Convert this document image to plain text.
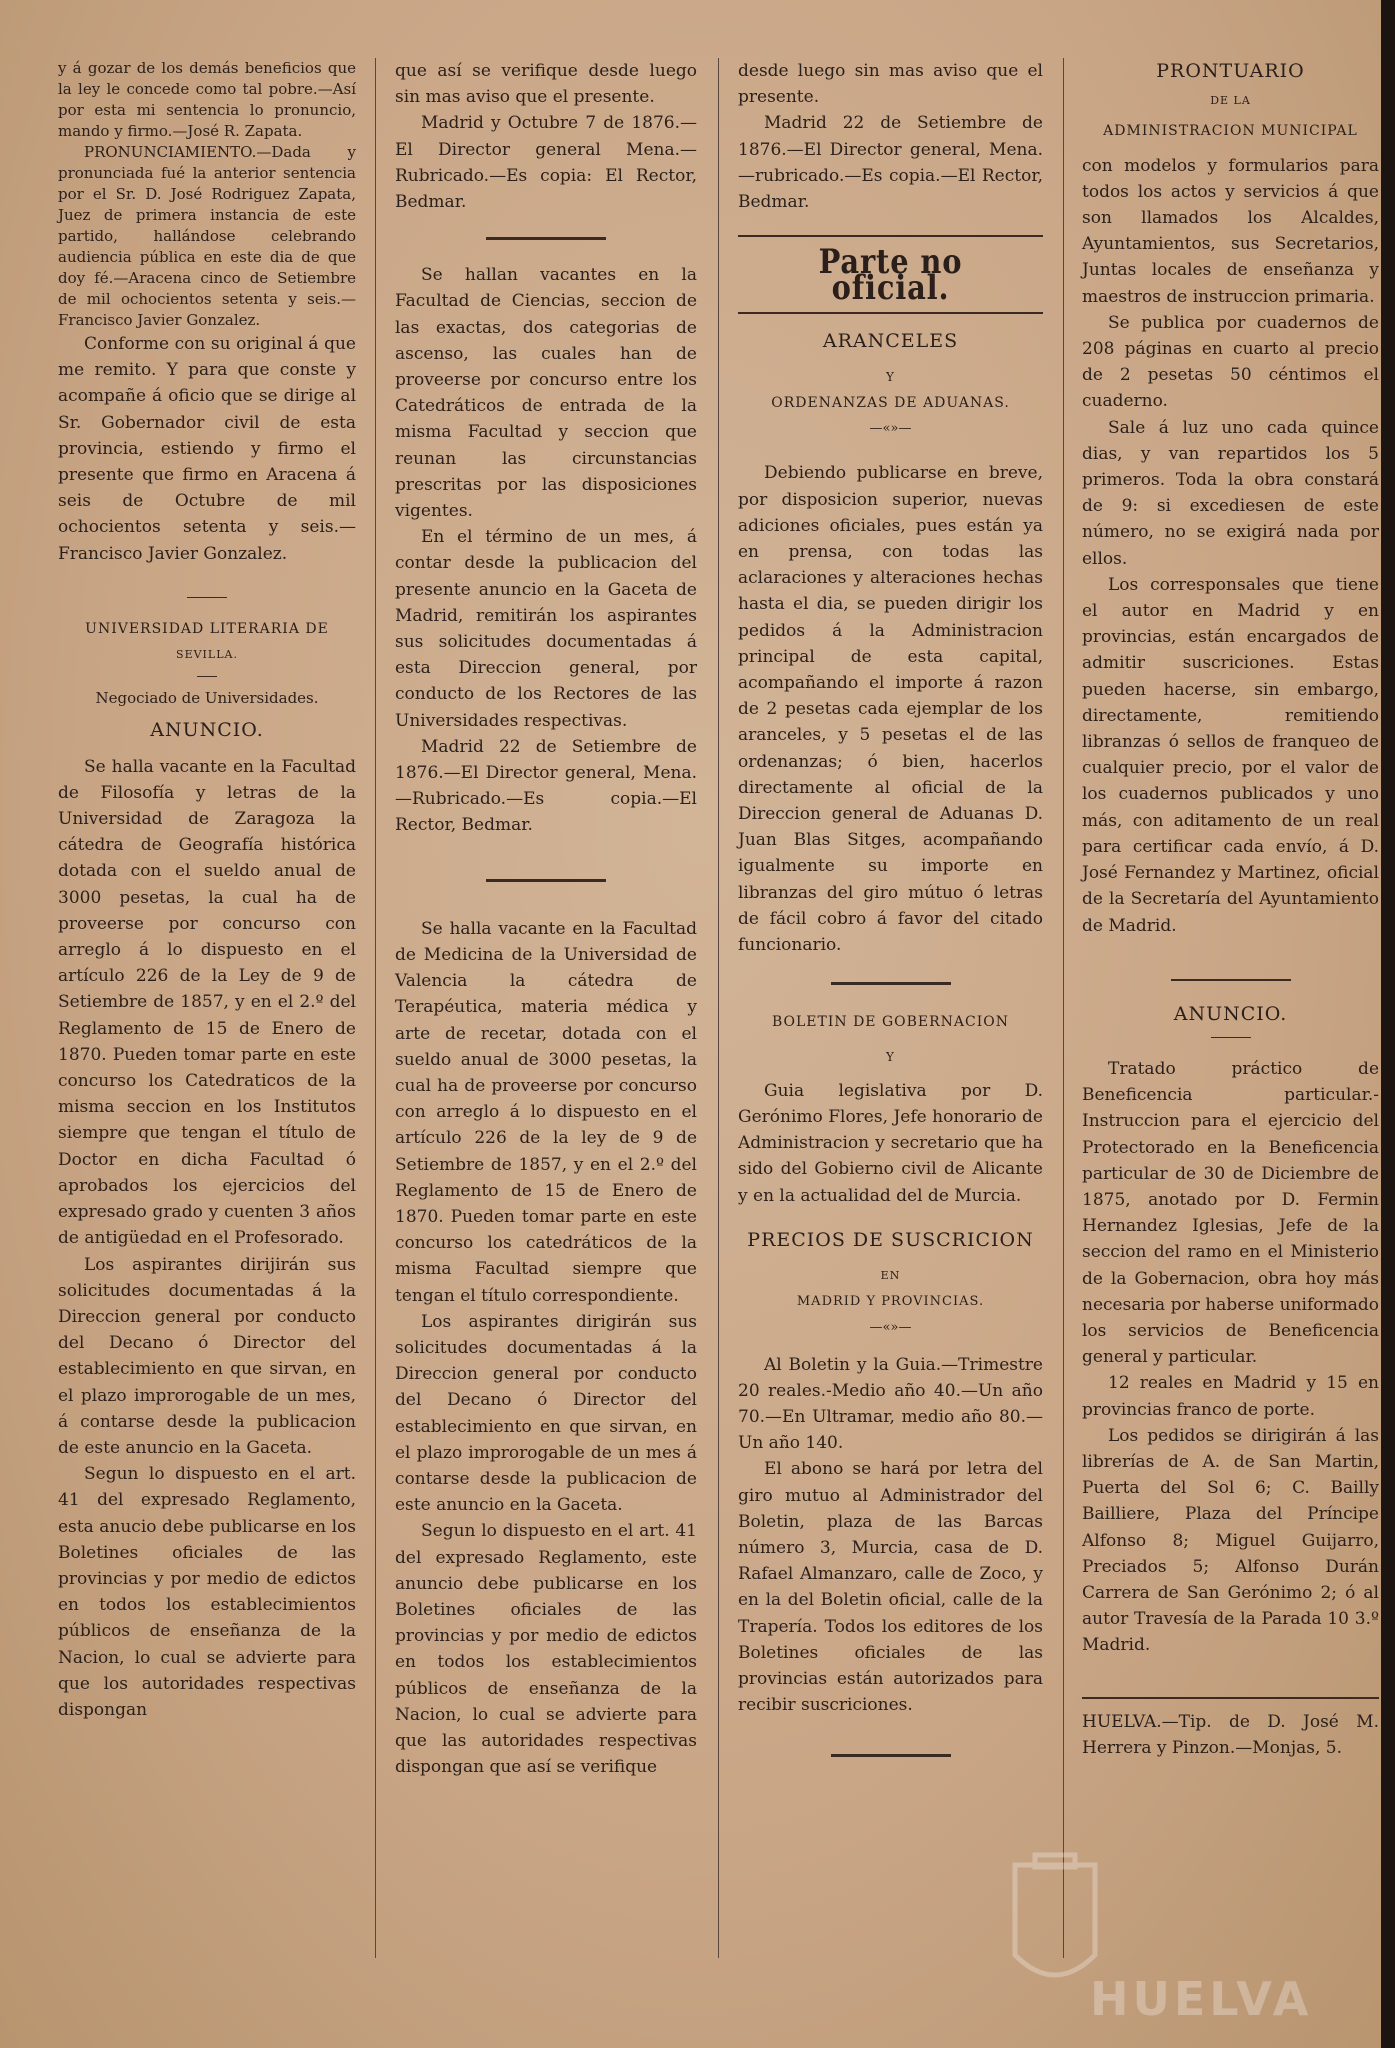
y á gozar de los demás beneficios que la ley le concede como tal pobre.—Así por esta mi sentencia lo pronuncio, mando y firmo.—José R. Zapata.

PRONUNCIAMIENTO.—Dada y pronunciada fué la anterior sentencia por el Sr. D. José Rodriguez Zapata, Juez de primera instancia de este partido, hallándose celebrando audiencia pública en este dia de que doy fé.—Aracena cinco de Setiembre de mil ochocientos setenta y seis.—Francisco Javier Gonzalez.

Conforme con su original á que me remito. Y para que conste y acompañe á oficio que se dirige al Sr. Gobernador civil de esta provincia, estiendo y firmo el presente que firmo en Aracena á seis de Octubre de mil ochocientos setenta y seis.—Francisco Javier Gonzalez.

UNIVERSIDAD LITERARIA DE
SEVILLA.
Negociado de Universidades.
ANUNCIO.

Se halla vacante en la Facultad de Filosofía y letras de la Universidad de Zaragoza la cátedra de Geografía histórica dotada con el sueldo anual de 3000 pesetas, la cual ha de proveerse por concurso con arreglo á lo dispuesto en el artículo 226 de la Ley de 9 de Setiembre de 1857, y en el 2.º del Reglamento de 15 de Enero de 1870. Pueden tomar parte en este concurso los Catedraticos de la misma seccion en los Institutos siempre que tengan el título de Doctor en dicha Facultad ó aprobados los ejercicios del expresado grado y cuenten 3 años de antigüedad en el Profesorado.

Los aspirantes dirijirán sus solicitudes documentadas á la Direccion general por conducto del Decano ó Director del establecimiento en que sirvan, en el plazo improrogable de un mes, á contarse desde la publicacion de este anuncio en la Gaceta.

Segun lo dispuesto en el art. 41 del expresado Reglamento, esta anucio debe publicarse en los Boletines oficiales de las provincias y por medio de edictos en todos los establecimientos públicos de enseñanza de la Nacion, lo cual se advierte para que los autoridades respectivas dispongan

que así se verifique desde luego sin mas aviso que el presente.

Madrid y Octubre 7 de 1876.—El Director general Mena.—Rubricado.—Es copia: El Rector, Bedmar.

Se hallan vacantes en la Facultad de Ciencias, seccion de las exactas, dos categorias de ascenso, las cuales han de proveerse por concurso entre los Catedráticos de entrada de la misma Facultad y seccion que reunan las circunstancias prescritas por las disposiciones vigentes.

En el término de un mes, á contar desde la publicacion del presente anuncio en la Gaceta de Madrid, remitirán los aspirantes sus solicitudes documentadas á esta Direccion general, por conducto de los Rectores de las Universidades respectivas.

Madrid 22 de Setiembre de 1876.—El Director general, Mena.—Rubricado.—Es copia.—El Rector, Bedmar.

Se halla vacante en la Facultad de Medicina de la Universidad de Valencia la cátedra de Terapéutica, materia médica y arte de recetar, dotada con el sueldo anual de 3000 pesetas, la cual ha de proveerse por concurso con arreglo á lo dispuesto en el artículo 226 de la ley de 9 de Setiembre de 1857, y en el 2.º del Reglamento de 15 de Enero de 1870. Pueden tomar parte en este concurso los catedráticos de la misma Facultad siempre que tengan el título correspondiente.

Los aspirantes dirigirán sus solicitudes documentadas á la Direccion general por conducto del Decano ó Director del establecimiento en que sirvan, en el plazo improrogable de un mes á contarse desde la publicacion de este anuncio en la Gaceta.

Segun lo dispuesto en el art. 41 del expresado Reglamento, este anuncio debe publicarse en los Boletines oficiales de las provincias y por medio de edictos en todos los establecimientos públicos de enseñanza de la Nacion, lo cual se advierte para que las autoridades respectivas dispongan que así se verifique

desde luego sin mas aviso que el presente.

Madrid 22 de Setiembre de 1876.—El Director general, Mena.—rubricado.—Es copia.—El Rector, Bedmar.

Parte no oficial.
ARANCELES
Y
ORDENANZAS DE ADUANAS.
—«»—

Debiendo publicarse en breve, por disposicion superior, nuevas adiciones oficiales, pues están ya en prensa, con todas las aclaraciones y alteraciones hechas hasta el dia, se pueden dirigir los pedidos á la Administracion principal de esta capital, acompañando el importe á razon de 2 pesetas cada ejemplar de los aranceles, y 5 pesetas el de las ordenanzas; ó bien, hacerlos directamente al oficial de la Direccion general de Aduanas D. Juan Blas Sitges, acompañando igualmente su importe en libranzas del giro mútuo ó letras de fácil cobro á favor del citado funcionario.

BOLETIN DE GOBERNACION
Y

Guia legislativa por D. Gerónimo Flores, Jefe honorario de Administracion y secretario que ha sido del Gobierno civil de Alicante y en la actualidad del de Murcia.

PRECIOS DE SUSCRICION
EN
MADRID Y PROVINCIAS.
—«»—

Al Boletin y la Guia.—Trimestre 20 reales.-Medio año 40.—Un año 70.—En Ultramar, medio año 80.—Un año 140.

El abono se hará por letra del giro mutuo al Administrador del Boletin, plaza de las Barcas número 3, Murcia, casa de D. Rafael Almanzaro, calle de Zoco, y en la del Boletin oficial, calle de la Trapería. Todos los editores de los Boletines oficiales de las provincias están autorizados para recibir suscriciones.

PRONTUARIO
DE LA
ADMINISTRACION MUNICIPAL

con modelos y formularios para todos los actos y servicios á que son llamados los Alcaldes, Ayuntamientos, sus Secretarios, Juntas locales de enseñanza y maestros de instruccion primaria.

Se publica por cuadernos de 208 páginas en cuarto al precio de 2 pesetas 50 céntimos el cuaderno.

Sale á luz uno cada quince dias, y van repartidos los 5 primeros. Toda la obra constará de 9: si excediesen de este número, no se exigirá nada por ellos.

Los corresponsales que tiene el autor en Madrid y en provincias, están encargados de admitir suscriciones. Estas pueden hacerse, sin embargo, directamente, remitiendo libranzas ó sellos de franqueo de cualquier precio, por el valor de los cuadernos publicados y uno más, con aditamento de un real para certificar cada envío, á D. José Fernandez y Martinez, oficial de la Secretaría del Ayuntamiento de Madrid.

ANUNCIO.

Tratado práctico de Beneficencia particular.-Instruccion para el ejercicio del Protectorado en la Beneficencia particular de 30 de Diciembre de 1875, anotado por D. Fermin Hernandez Iglesias, Jefe de la seccion del ramo en el Ministerio de la Gobernacion, obra hoy más necesaria por haberse uniformado los servicios de Beneficencia general y particular.

12 reales en Madrid y 15 en provincias franco de porte.

Los pedidos se dirigirán á las librerías de A. de San Martin, Puerta del Sol 6; C. Bailly Bailliere, Plaza del Príncipe Alfonso 8; Miguel Guijarro, Preciados 5; Alfonso Durán Carrera de San Gerónimo 2; ó al autor Travesía de la Parada 10 3.º Madrid.

HUELVA.—Tip. de D. José M. Herrera y Pinzon.—Monjas, 5.

HUELVA
